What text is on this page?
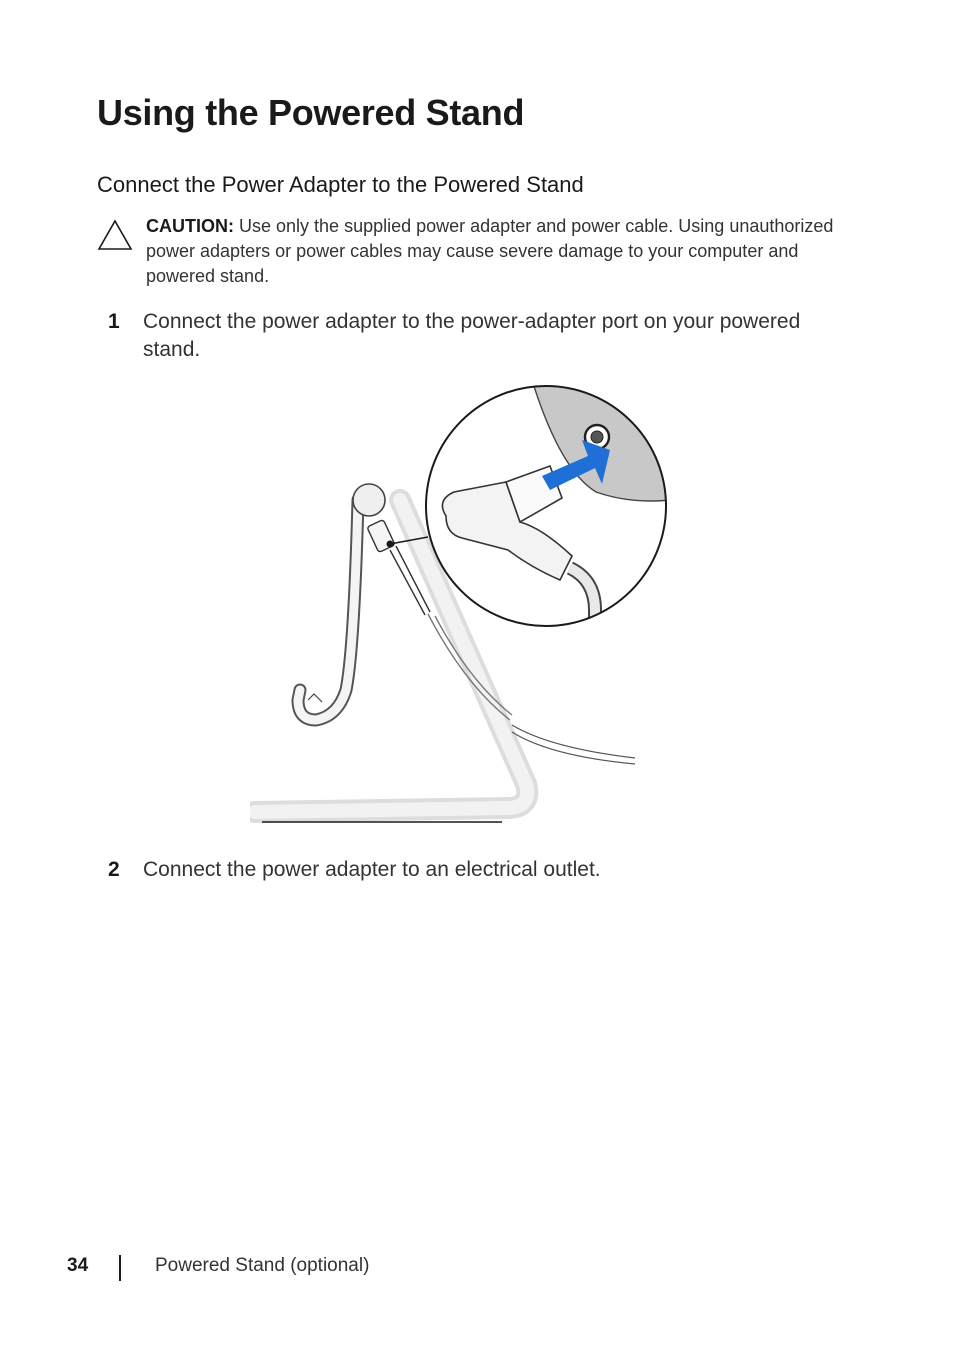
Using the Powered Stand
Connect the Power Adapter to the Powered Stand
CAUTION: Use only the supplied power adapter and power cable. Using unauthorized power adapters or power cables may cause severe damage to your computer and powered stand.
1 Connect the power adapter to the power-adapter port on your powered stand.
2 Connect the power adapter to an electrical outlet.
34	Powered Stand (optional)
